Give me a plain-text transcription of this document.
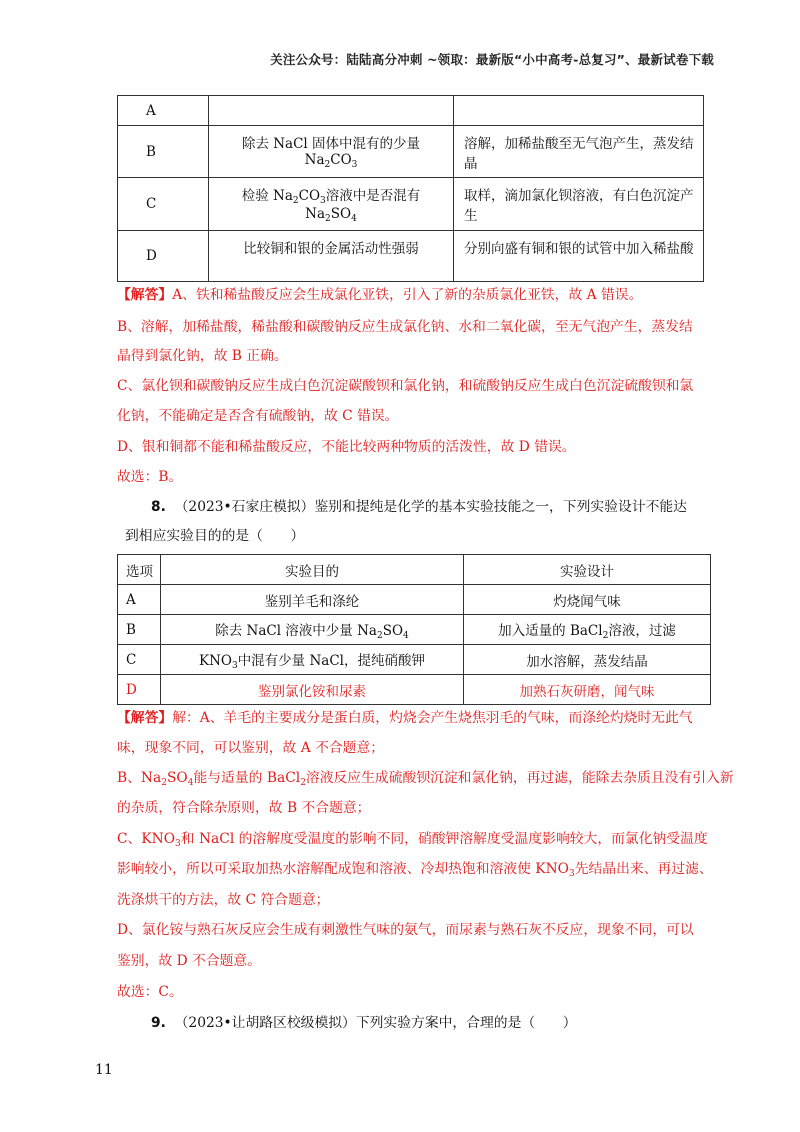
关注公众号：陆陆高分冲刺 ~领取：最新版“小中高考-总复习”、最新试卷下载
A		
B	除去 NaCl 固体中混有的少量 $Na_2CO_3$	溶解，加稀盐酸至无气泡产生，蒸发结晶
C	检验 $Na_2CO_3$溶液中是否混有 $Na_2SO_4$	取样，滴加氯化钡溶液，有白色沉淀产生
D	比较铜和银的金属活动性强弱	分别向盛有铜和银的试管中加入稀盐酸
【解答】A、铁和稀盐酸反应会生成氯化亚铁，引入了新的杂质氯化亚铁，故 A 错误。
B、溶解，加稀盐酸，稀盐酸和碳酸钠反应生成氯化钠、水和二氧化碳，至无气泡产生，蒸发结
晶得到氯化钠，故 B 正确。
C、氯化钡和碳酸钠反应生成白色沉淀碳酸钡和氯化钠，和硫酸钠反应生成白色沉淀硫酸钡和氯
化钠，不能确定是否含有硫酸钠，故 C 错误。
D、银和铜都不能和稀盐酸反应，不能比较两种物质的活泼性，故 D 错误。
故选：B。
8. （2023•石家庄模拟）鉴别和提纯是化学的基本实验技能之一，下列实验设计不能达
到相应实验目的的是（　　）
选项	实验目的	实验设计
A	鉴别羊毛和涤纶	灼烧闻气味
B	除去 NaCl 溶液中少量 $Na_2SO_4$	加入适量的 BaCl$_2$溶液，过滤
C	$KNO_3$中混有少量 NaCl，提纯硝酸钾	加水溶解，蒸发结晶
D	鉴别氯化铵和尿素	加熟石灰研磨，闻气味
【解答】解：A、羊毛的主要成分是蛋白质，灼烧会产生烧焦羽毛的气味，而涤纶灼烧时无此气
味，现象不同，可以鉴别，故 A 不合题意；
B、$Na_2SO_4$能与适量的 BaCl$_2$溶液反应生成硫酸钡沉淀和氯化钠，再过滤，能除去杂质且没有引入新
的杂质，符合除杂原则，故 B 不合题意；
C、$KNO_3$和 NaCl 的溶解度受温度的影响不同，硝酸钾溶解度受温度影响较大，而氯化钠受温度
影响较小，所以可采取加热水溶解配成饱和溶液、冷却热饱和溶液使 $KNO_3$先结晶出来、再过滤、
洗涤烘干的方法，故 C 符合题意；
D、氯化铵与熟石灰反应会生成有刺激性气味的氨气，而尿素与熟石灰不反应，现象不同，可以
鉴别，故 D 不合题意。
故选：C。
9. （2023•让胡路区校级模拟）下列实验方案中，合理的是（　　）
11
